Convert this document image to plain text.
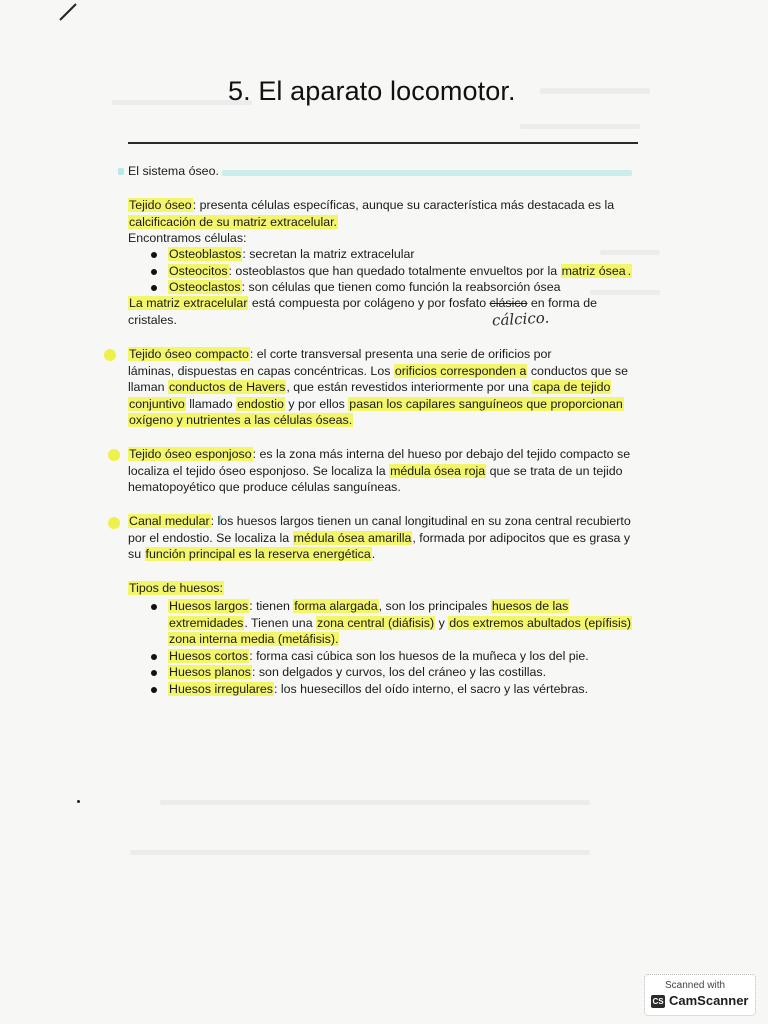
5. El aparato locomotor.
El sistema óseo.
Tejido óseo: presenta células específicas, aunque su característica más destacada es la
calcificación de su matriz extracelular.
Encontramos células:
Osteoblastos: secretan la matriz extracelular
Osteocitos: osteoblastos que han quedado totalmente envueltos por la matriz ósea .
Osteoclastos: son células que tienen como función la reabsorción ósea
La matriz extracelular está compuesta por colágeno y por fosfato clásico en forma de
cristales.	cálcico.
Tejido óseo compacto: el corte transversal presenta una serie de orificios por
láminas, dispuestas en capas concéntricas. Los orificios corresponden a conductos que se
llaman conductos de Havers, que están revestidos interiormente por una capa de tejido
conjuntivo llamado endostio y por ellos pasan los capilares sanguíneos que proporcionan
oxígeno y nutrientes a las células óseas.
Tejido óseo esponjoso: es la zona más interna del hueso por debajo del tejido compacto se
localiza el tejido óseo esponjoso. Se localiza la médula ósea roja que se trata de un tejido
hematopoyético que produce células sanguíneas.
Canal medular: los huesos largos tienen un canal longitudinal en su zona central recubierto
por el endostio. Se localiza la médula ósea amarilla, formada por adipocitos que es grasa y
su función principal es la reserva energética.
Tipos de huesos:
Huesos largos: tienen forma alargada, son los principales huesos de las
extremidades. Tienen una zona central (diáfisis) y dos extremos abultados (epífisis)
zona interna media (metáfisis).
Huesos cortos: forma casi cúbica son los huesos de la muñeca y los del pie.
Huesos planos: son delgados y curvos, los del cráneo y las costillas.
Huesos irregulares: los huesecillos del oído interno, el sacro y las vértebras.
Scanned with
CS CamScanner
